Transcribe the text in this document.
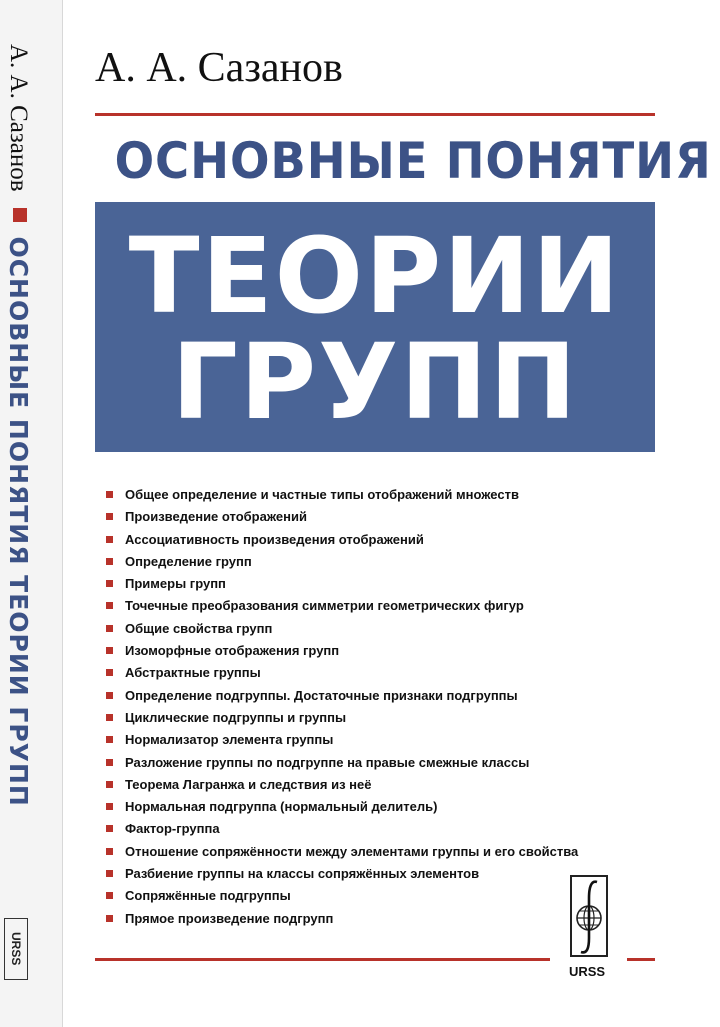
А. А. Сазанов  ОСНОВНЫЕ ПОНЯТИЯ ТЕОРИИ ГРУПП
URSS
А. А. Сазанов
ОСНОВНЫЕ ПОНЯТИЯ
ТЕОРИИ
ГРУПП
Общее определение и частные типы отображений множеств
Произведение отображений
Ассоциативность произведения отображений
Определение групп
Примеры групп
Точечные преобразования симметрии геометрических фигур
Общие свойства групп
Изоморфные отображения групп
Абстрактные группы
Определение подгруппы. Достаточные признаки подгруппы
Циклические подгруппы и группы
Нормализатор элемента группы
Разложение группы по подгруппе на правые смежные классы
Теорема Лагранжа и следствия из неё
Нормальная подгруппа (нормальный делитель)
Фактор-группа
Отношение сопряжённости между элементами группы и его свойства
Разбиение группы на классы сопряжённых элементов
Сопряжённые подгруппы
Прямое произведение подгрупп
URSS
